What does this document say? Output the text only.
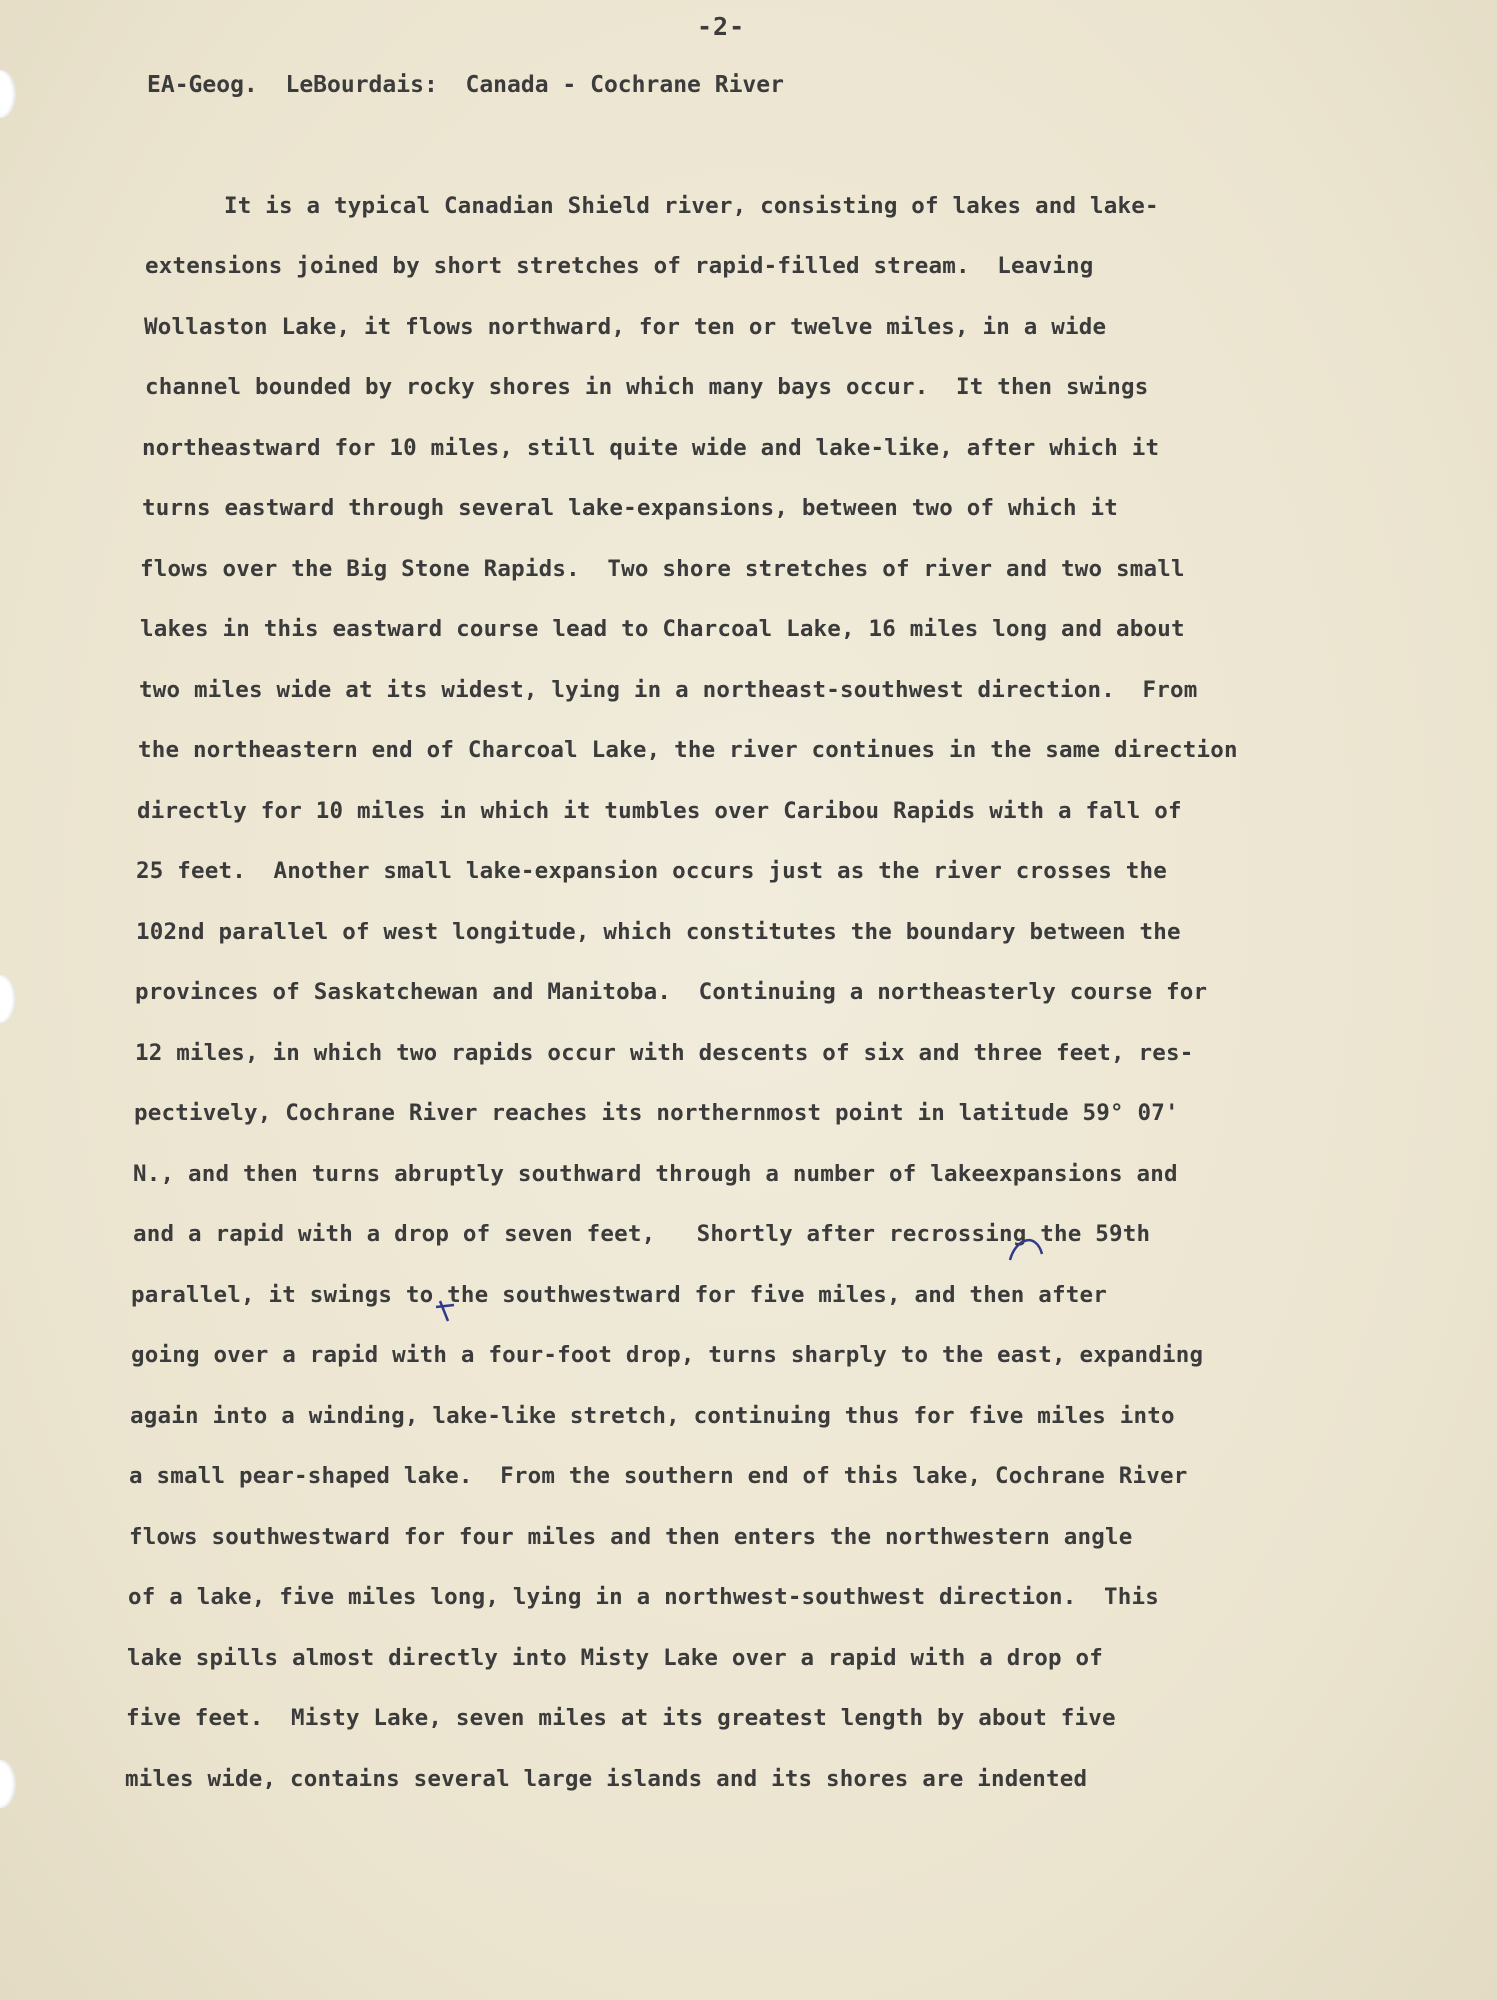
-2-
EA-Geog.  LeBourdais:  Canada - Cochrane River
It is a typical Canadian Shield river, consisting of lakes and lake-
extensions joined by short stretches of rapid-filled stream.  Leaving
Wollaston Lake, it flows northward, for ten or twelve miles, in a wide
channel bounded by rocky shores in which many bays occur.  It then swings
northeastward for 10 miles, still quite wide and lake-like, after which it
turns eastward through several lake-expansions, between two of which it
flows over the Big Stone Rapids.  Two shore stretches of river and two small
lakes in this eastward course lead to Charcoal Lake, 16 miles long and about
two miles wide at its widest, lying in a northeast-southwest direction.  From
the northeastern end of Charcoal Lake, the river continues in the same direction
directly for 10 miles in which it tumbles over Caribou Rapids with a fall of
25 feet.  Another small lake-expansion occurs just as the river crosses the
102nd parallel of west longitude, which constitutes the boundary between the
provinces of Saskatchewan and Manitoba.  Continuing a northeasterly course for
12 miles, in which two rapids occur with descents of six and three feet, res-
pectively, Cochrane River reaches its northernmost point in latitude 59° 07'
N., and then turns abruptly southward through a number of lakeexpansions and
and a rapid with a drop of seven feet,   Shortly after recrossing the 59th
parallel, it swings to the southwestward for five miles, and then after
going over a rapid with a four-foot drop, turns sharply to the east, expanding
again into a winding, lake-like stretch, continuing thus for five miles into
a small pear-shaped lake.  From the southern end of this lake, Cochrane River
flows southwestward for four miles and then enters the northwestern angle
of a lake, five miles long, lying in a northwest-southwest direction.  This
lake spills almost directly into Misty Lake over a rapid with a drop of
five feet.  Misty Lake, seven miles at its greatest length by about five
miles wide, contains several large islands and its shores are indented
